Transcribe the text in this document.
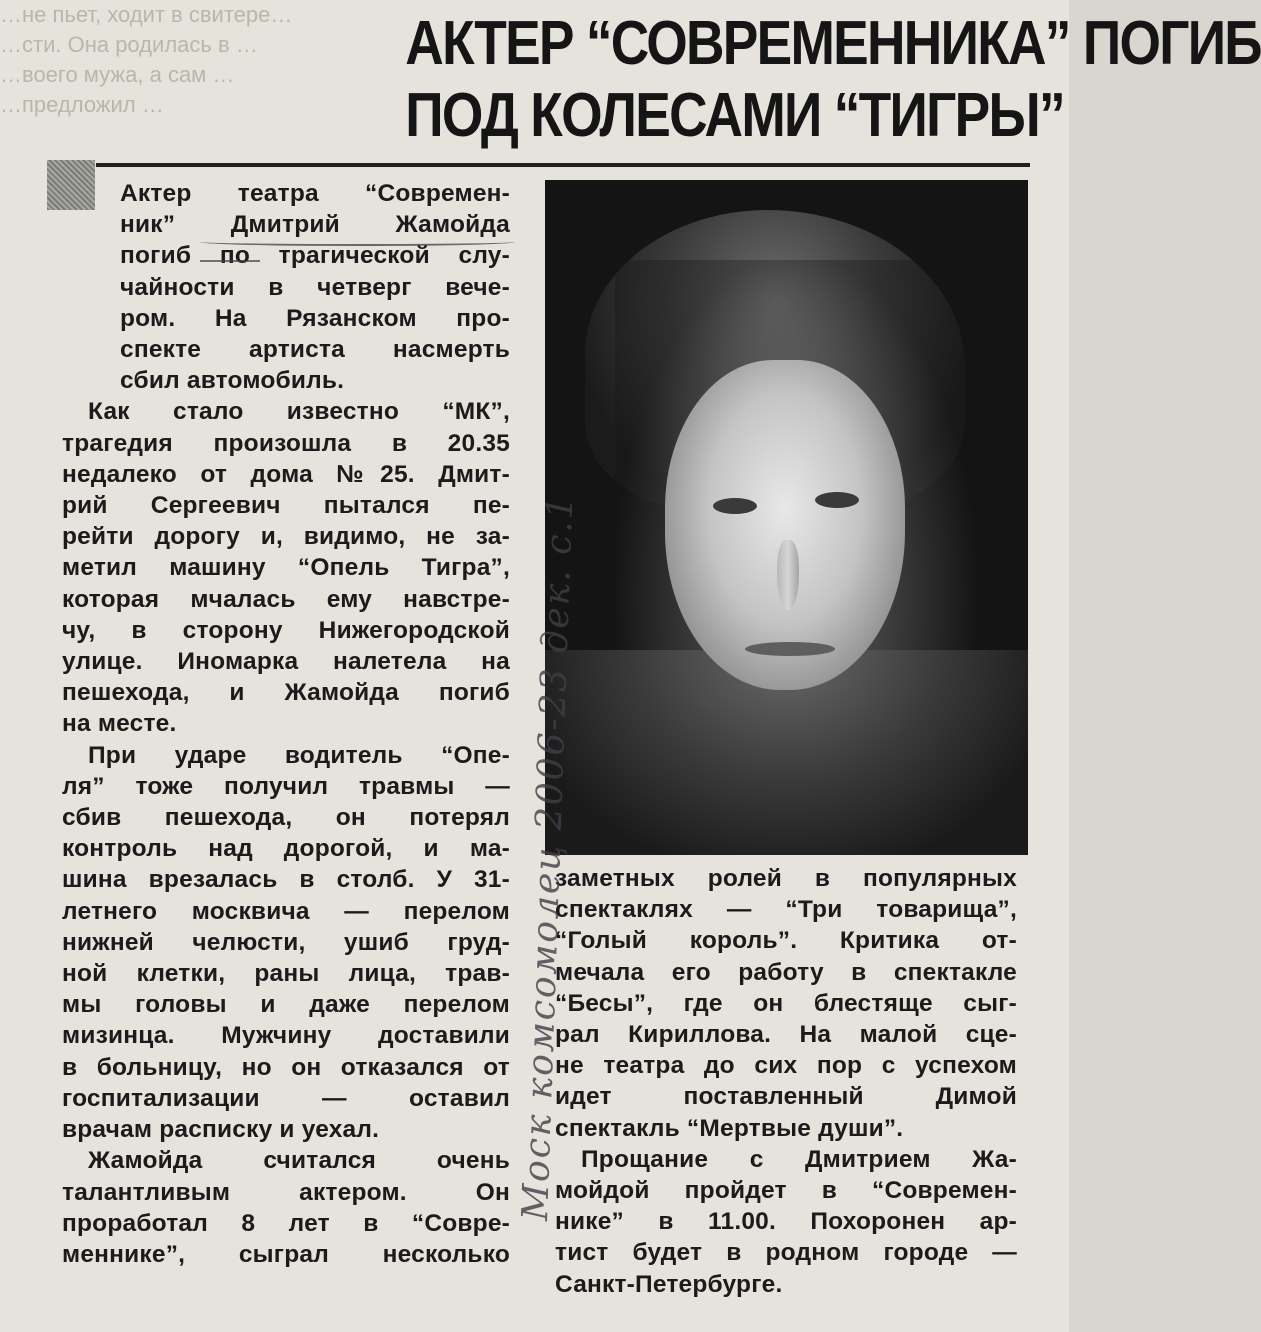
…не пьет, ходит в свитере…
…сти. Она родилась в …
…воего мужа, а сам …
…предложил …
АКТЕР “СОВРЕМЕННИКА” ПОГИБ
ПОД КОЛЕСАМИ “ТИГРЫ”
Актер театра “Современ-
ник” Дмитрий Жамойда
погиб по трагической слу-
чайности в четверг вече-
ром. На Рязанском про-
спекте артиста насмерть
сбил автомобиль.
Как стало известно “МК”,
трагедия произошла в 20.35
недалеко от дома №25. Дмит-
рий Сергеевич пытался пе-
рейти дорогу и, видимо, не за-
метил машину “Опель Тигра”,
которая мчалась ему навстре-
чу, в сторону Нижегородской
улице. Иномарка налетела на
пешехода, и Жамойда погиб
на месте.
При ударе водитель “Опе-
ля” тоже получил травмы —
сбив пешехода, он потерял
контроль над дорогой, и ма-
шина врезалась в столб. У 31-
летнего москвича — перелом
нижней челюсти, ушиб груд-
ной клетки, раны лица, трав-
мы головы и даже перелом
мизинца. Мужчину доставили
в больницу, но он отказался от
госпитализации — оставил
врачам расписку и уехал.
Жамойда считался очень
талантливым актером. Он
проработал 8 лет в “Совре-
меннике”, сыграл несколько
заметных ролей в популярных
спектаклях — “Три товарища”,
“Голый король”. Критика от-
мечала его работу в спектакле
“Бесы”, где он блестяще сыг-
рал Кириллова. На малой сце-
не театра до сих пор с успехом
идет поставленный Димой
спектакль “Мертвые души”.
Прощание с Дмитрием Жа-
мойдой пройдет в “Современ-
нике” в 11.00. Похоронен ар-
тист будет в родном городе —
Санкт-Петербурге.
Моск комсомолец 2006-23 дек. с.1
